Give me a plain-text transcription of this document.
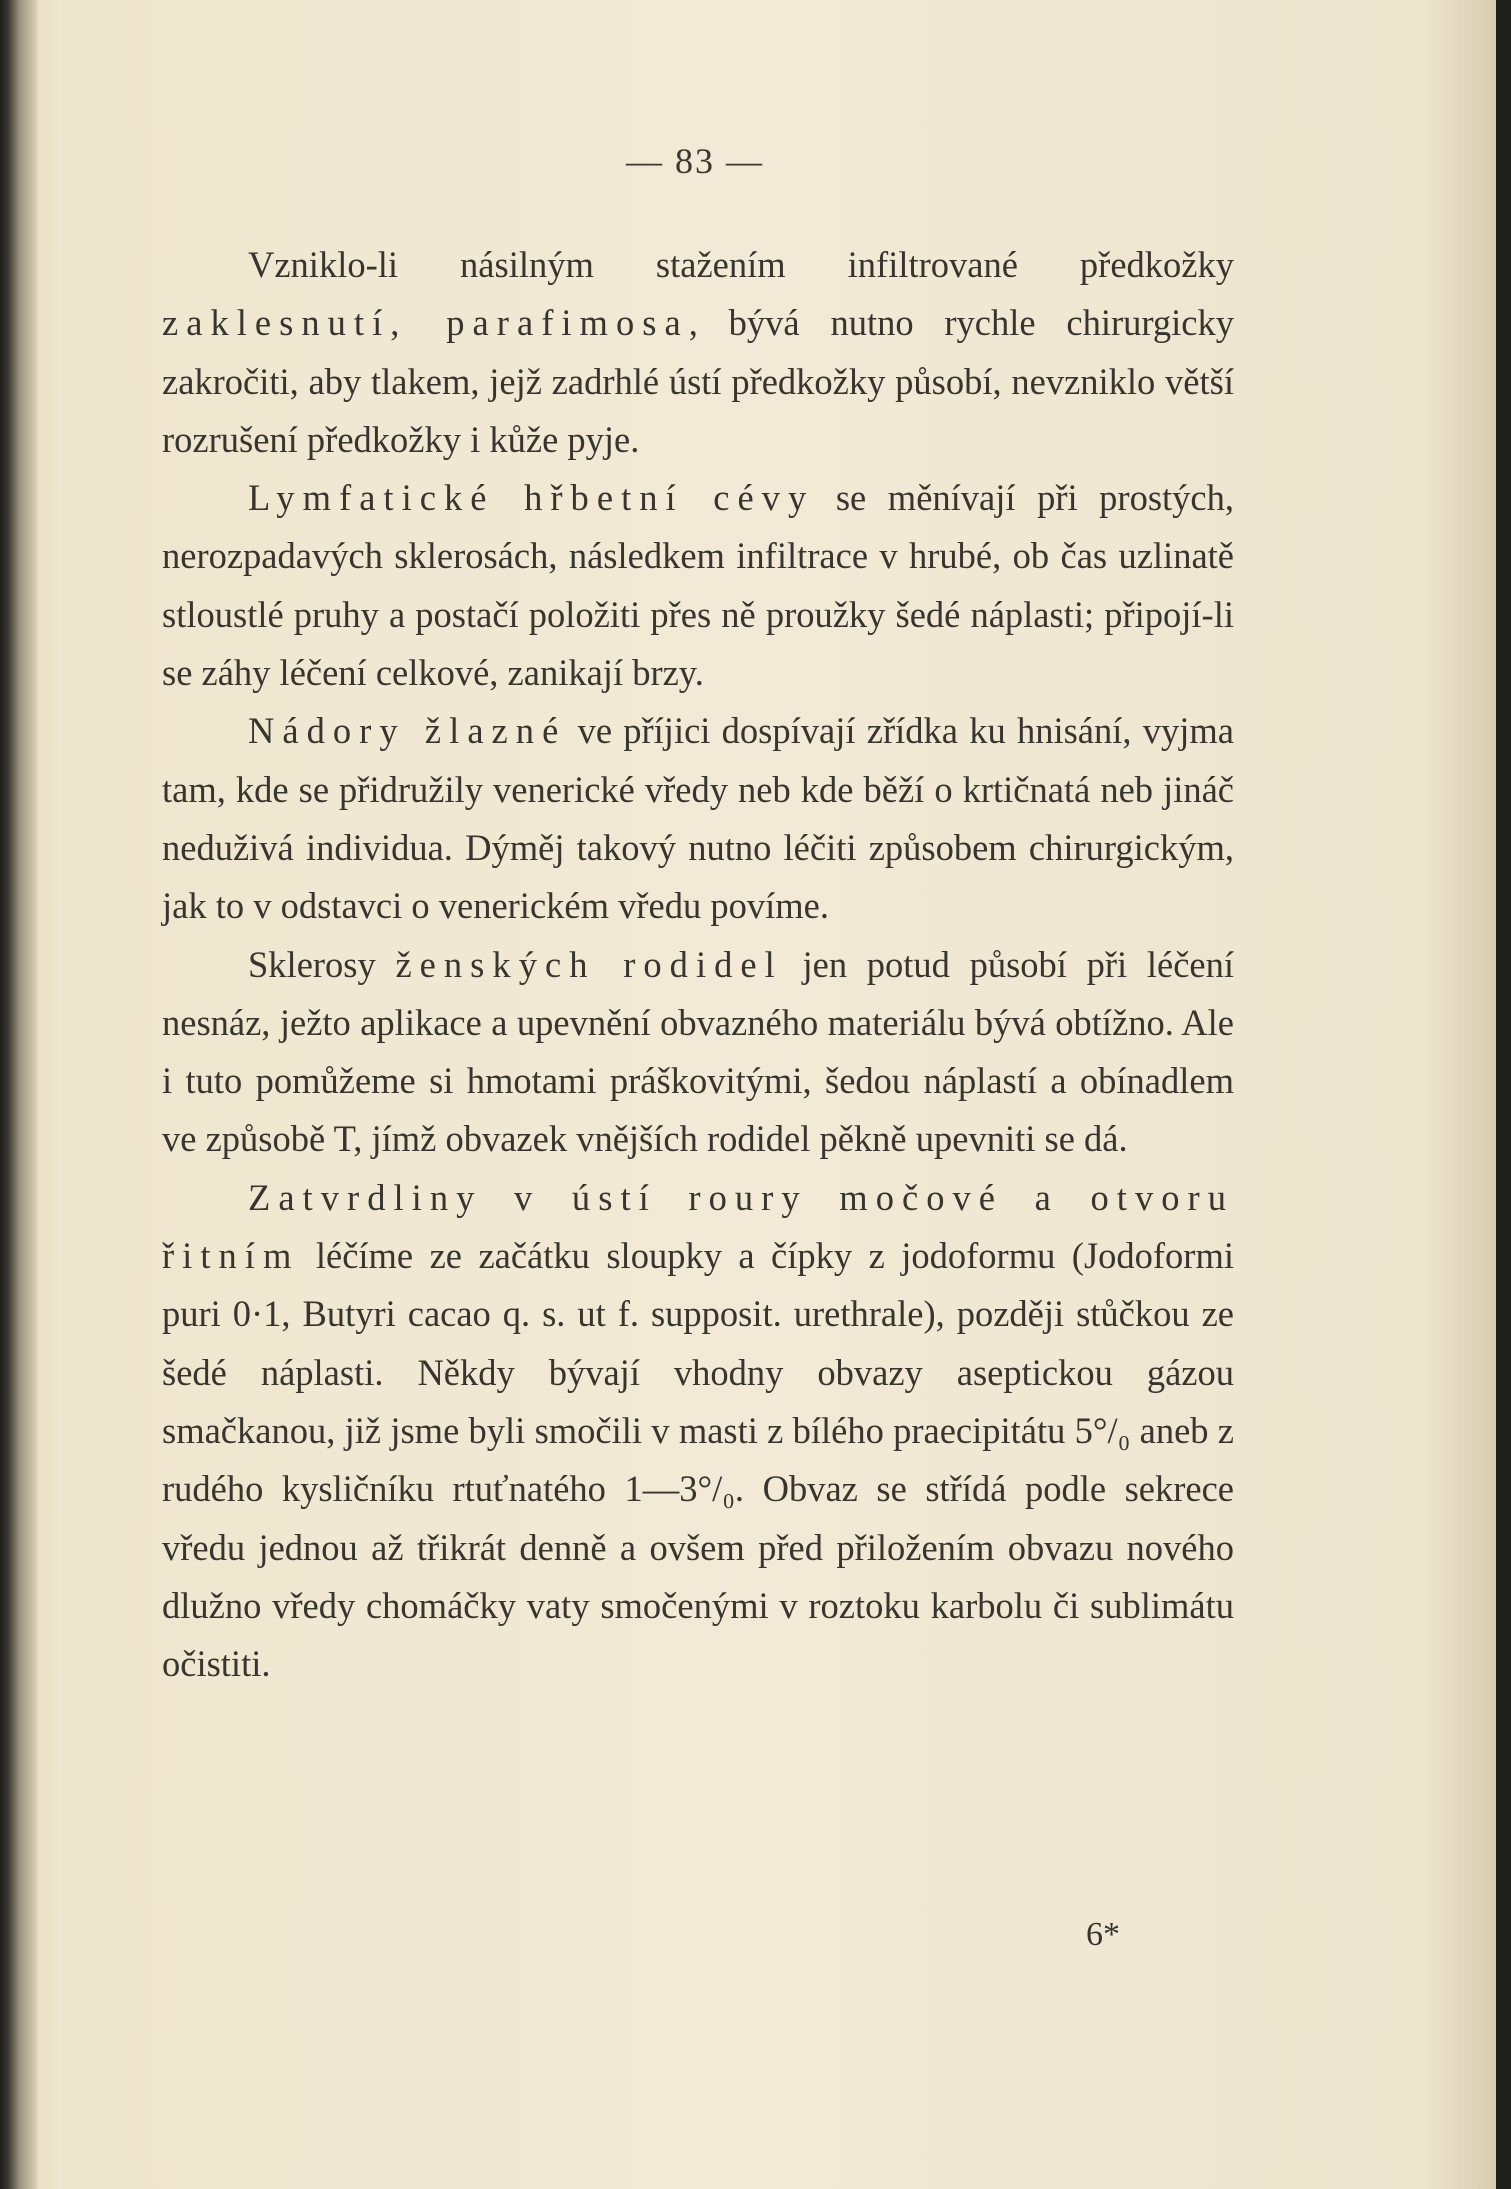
— 83 —

Vzniklo-li násilným stažením infiltrované předkožky zaklesnutí, parafimosa, bývá nutno rychle chirurgicky zakročiti, aby tlakem, jejž zadrhlé ústí předkožky působí, nevzniklo větší rozrušení předkožky i kůže pyje.

Lymfatické hřbetní cévy se měnívají při prostých, nerozpadavých sklerosách, následkem infiltrace v hrubé, ob čas uzlinatě stloustlé pruhy a postačí položiti přes ně proužky šedé náplasti; připojí-li se záhy léčení celkové, zanikají brzy.

Nádory žlazné ve příjici dospívají zřídka ku hnisání, vyjma tam, kde se přidružily venerické vředy neb kde běží o krtičnatá neb jináč neduživá individua. Dýměj takový nutno léčiti způsobem chirurgickým, jak to v odstavci o venerickém vředu povíme.

Sklerosy ženských rodidel jen potud působí při léčení nesnáz, ježto aplikace a upevnění obvazného materiálu bývá obtížno. Ale i tuto pomůžeme si hmotami práškovitými, šedou náplastí a obínadlem ve způsobě T, jímž obvazek vnějších rodidel pěkně upevniti se dá.

Zatvrdliny v ústí roury močové a otvoru řitním léčíme ze začátku sloupky a čípky z jodoformu (Jodoformi puri 0·1, Butyri cacao q. s. ut f. supposit. urethrale), později stůčkou ze šedé náplasti. Někdy bývají vhodny obvazy aseptickou gázou smačkanou, již jsme byli smočili v masti z bílého praecipitátu 5°/₀ aneb z rudého kysličníku rtuťnatého 1—3°/₀. Obvaz se střídá podle sekrece vředu jednou až třikrát denně a ovšem před přiložením obvazu nového dlužno vředy chomáčky vaty smočenými v roztoku karbolu či sublimátu očistiti.

6*
